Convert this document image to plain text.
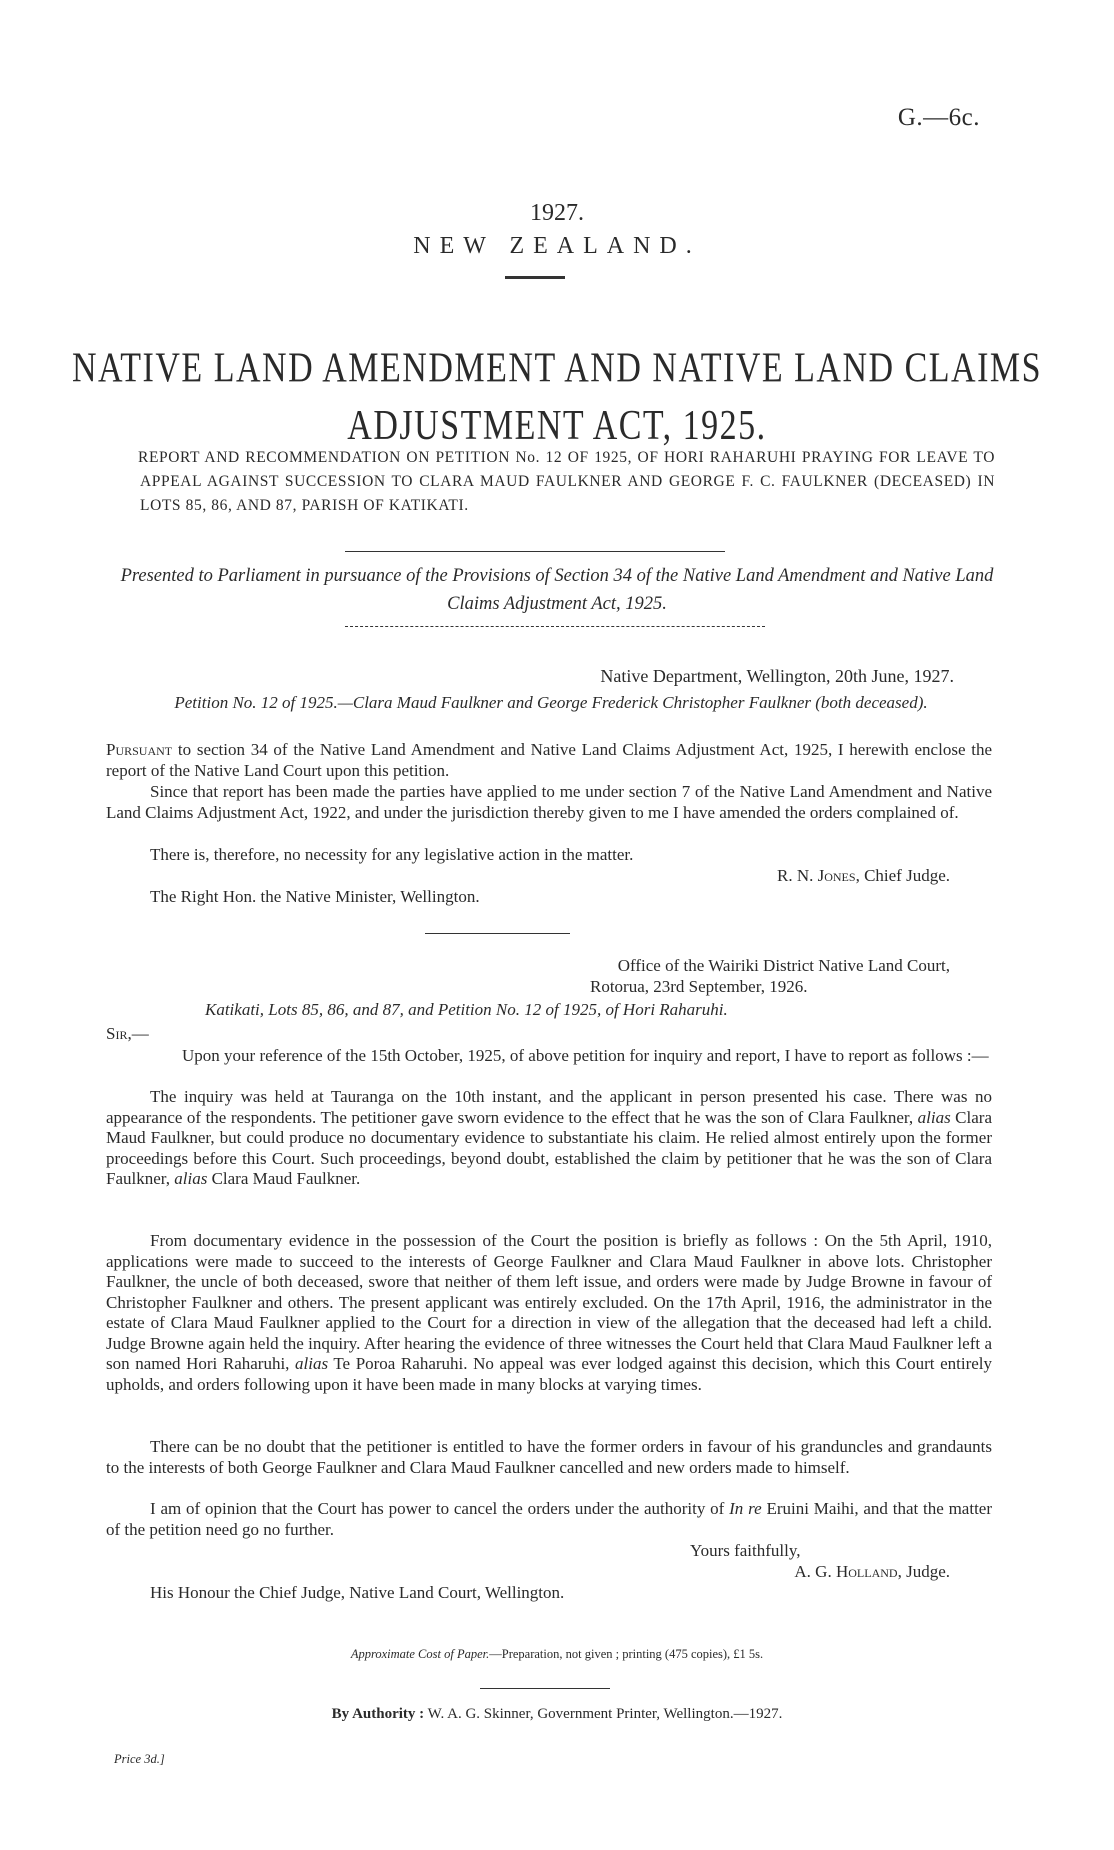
G.—6c.
1927.
NEW ZEALAND.
NATIVE LAND AMENDMENT AND NATIVE LAND CLAIMS
ADJUSTMENT ACT, 1925.
REPORT AND RECOMMENDATION ON PETITION No. 12 OF 1925, OF HORI RAHARUHI PRAYING FOR LEAVE TO APPEAL AGAINST SUCCESSION TO CLARA MAUD FAULKNER AND GEORGE F. C. FAULKNER (DECEASED) IN LOTS 85, 86, AND 87, PARISH OF KATIKATI.
Presented to Parliament in pursuance of the Provisions of Section 34 of the Native Land Amendment and Native Land Claims Adjustment Act, 1925.
Native Department, Wellington, 20th June, 1927.
Petition No. 12 of 1925.—Clara Maud Faulkner and George Frederick Christopher Faulkner (both deceased).
Pursuant to section 34 of the Native Land Amendment and Native Land Claims Adjustment Act, 1925, I herewith enclose the report of the Native Land Court upon this petition.
Since that report has been made the parties have applied to me under section 7 of the Native Land Amendment and Native Land Claims Adjustment Act, 1922, and under the jurisdiction thereby given to me I have amended the orders complained of.
There is, therefore, no necessity for any legislative action in the matter.
R. N. Jones, Chief Judge.
The Right Hon. the Native Minister, Wellington.
Office of the Wairiki District Native Land Court,
Rotorua, 23rd September, 1926.
Katikati, Lots 85, 86, and 87, and Petition No. 12 of 1925, of Hori Raharuhi.
Sir,—
Upon your reference of the 15th October, 1925, of above petition for inquiry and report, I have to report as follows :—
The inquiry was held at Tauranga on the 10th instant, and the applicant in person presented his case. There was no appearance of the respondents. The petitioner gave sworn evidence to the effect that he was the son of Clara Faulkner, alias Clara Maud Faulkner, but could produce no documentary evidence to substantiate his claim. He relied almost entirely upon the former proceedings before this Court. Such proceedings, beyond doubt, established the claim by petitioner that he was the son of Clara Faulkner, alias Clara Maud Faulkner.
From documentary evidence in the possession of the Court the position is briefly as follows : On the 5th April, 1910, applications were made to succeed to the interests of George Faulkner and Clara Maud Faulkner in above lots. Christopher Faulkner, the uncle of both deceased, swore that neither of them left issue, and orders were made by Judge Browne in favour of Christopher Faulkner and others. The present applicant was entirely excluded. On the 17th April, 1916, the administrator in the estate of Clara Maud Faulkner applied to the Court for a direction in view of the allegation that the deceased had left a child. Judge Browne again held the inquiry. After hearing the evidence of three witnesses the Court held that Clara Maud Faulkner left a son named Hori Raharuhi, alias Te Poroa Raharuhi. No appeal was ever lodged against this decision, which this Court entirely upholds, and orders following upon it have been made in many blocks at varying times.
There can be no doubt that the petitioner is entitled to have the former orders in favour of his granduncles and grandaunts to the interests of both George Faulkner and Clara Maud Faulkner cancelled and new orders made to himself.
I am of opinion that the Court has power to cancel the orders under the authority of In re Eruini Maihi, and that the matter of the petition need go no further.
Yours faithfully,
A. G. Holland, Judge.
His Honour the Chief Judge, Native Land Court, Wellington.
Approximate Cost of Paper.—Preparation, not given ; printing (475 copies), £1 5s.
By Authority : W. A. G. Skinner, Government Printer, Wellington.—1927.
Price 3d.]
